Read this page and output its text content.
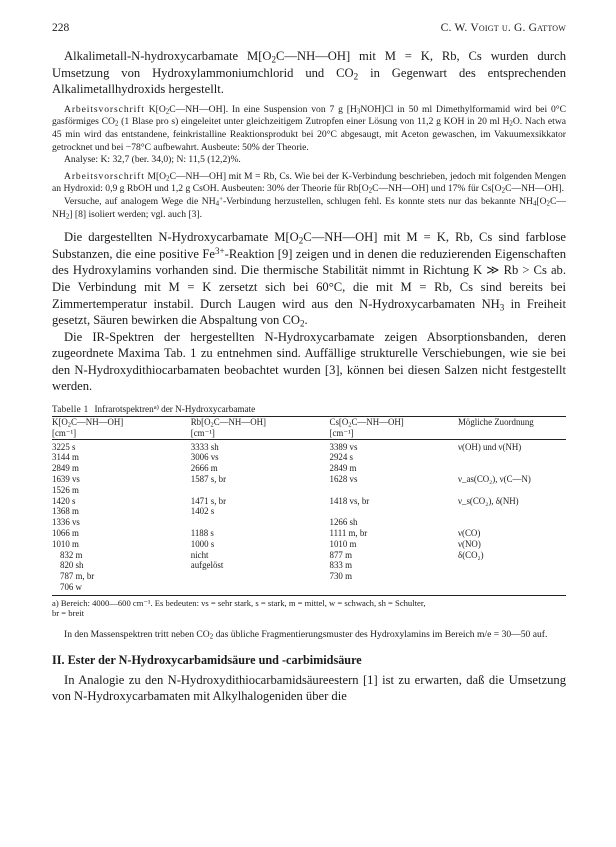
228	C. W. Voigt u. G. Gattow

Alkalimetall-N-hydroxycarbamate $M[O_2C—NH—OH]$ mit M = K, Rb, Cs wurden durch Umsetzung von Hydroxylammoniumchlorid und $CO_2$ in Gegenwart des entsprechenden Alkalimetallhydroxids hergestellt.

Arbeitsvorschrift $K[O_2C—NH—OH]$. In eine Suspension von 7 g $[H_3NOH]Cl$ in 50 ml Dimethylformamid wird bei 0°C gasförmiges $CO_2$ (1 Blase pro s) eingeleitet unter gleichzeitigem Zutropfen einer Lösung von 11,2 g KOH in 20 ml $H_2O$. Nach etwa 45 min wird das entstandene, feinkristalline Reaktionsprodukt bei 20°C abgesaugt, mit Aceton gewaschen, im Vakuumexsikkator getrocknet und bei −78°C aufbewahrt. Ausbeute: 50% der Theorie.

Analyse: K: 32,7 (ber. 34,0); N: 11,5 (12,2)%.

Arbeitsvorschrift $M[O_2C—NH—OH]$ mit M = Rb, Cs. Wie bei der K-Verbindung beschrieben, jedoch mit folgenden Mengen an Hydroxid: 0,9 g RbOH und 1,2 g CsOH. Ausbeuten: 30% der Theorie für $Rb[O_2C—NH—OH]$ und 17% für $Cs[O_2C—NH—OH]$.

Versuche, auf analogem Wege die $NH_4^+$-Verbindung herzustellen, schlugen fehl. Es konnte stets nur das bekannte $NH_4[O_2C—NH_2]$ [8] isoliert werden; vgl. auch [3].

Die dargestellten N-Hydroxycarbamate $M[O_2C—NH—OH]$ mit M = K, Rb, Cs sind farblose Substanzen, die eine positive $Fe^{3+}$-Reaktion [9] zeigen und in denen die reduzierenden Eigenschaften des Hydroxylamins vorhanden sind. Die thermische Stabilität nimmt in Richtung K ≫ Rb > Cs ab. Die Verbindung mit M = K zersetzt sich bei 60°C, die mit M = Rb, Cs sind bereits bei Zimmertemperatur instabil. Durch Laugen wird aus den N-Hydroxycarbamaten $NH_3$ in Freiheit gesetzt, Säuren bewirken die Abspaltung von $CO_2$.

Die IR-Spektren der hergestellten N-Hydroxycarbamate zeigen Absorptionsbanden, deren zugeordnete Maxima Tab. 1 zu entnehmen sind. Auffällige strukturelle Verschiebungen, wie sie bei den N-Hydroxydithiocarbamaten beobachtet wurden [3], können bei diesen Salzen nicht festgestellt werden.

Tabelle 1 Infrarotspektren$^{a)}$ der N-Hydroxycarbamate
$K[O_2C—NH—OH]$	$Rb[O_2C—NH—OH]$	$Cs[O_2C—NH—OH]$	Mögliche Zuordnung
[cm⁻¹]	[cm⁻¹]	[cm⁻¹]	
3225 s	3333 sh	3389 vs	ν(OH) und ν(NH)
3144 m	3006 vs	2924 s	
2849 m	2666 m	2849 m	
1639 vs	1587 s, br	1628 vs	ν_as(CO₂), ν(C—N)
1526 m			
1420 s	1471 s, br	1418 vs, br	ν_s(CO₂), δ(NH)
1368 m	1402 s		
1336 vs		1266 sh	
1066 m	1188 s	1111 m, br	ν(CO)
1010 m	1000 s	1010 m	ν(NO)
832 m	nicht	877 m	δ(CO₂)
820 sh	aufgelöst	833 m	
787 m, br		730 m	
706 w			
a) Bereich: 4000—600 cm⁻¹. Es bedeuten: vs = sehr stark, s = stark, m = mittel, w = schwach, sh = Schulter,
br = breit

In den Massenspektren tritt neben $CO_2$ das übliche Fragmentierungsmuster des Hydroxylamins im Bereich m/e = 30—50 auf.

II. Ester der N-Hydroxycarbamidsäure und -carbimidsäure

In Analogie zu den N-Hydroxydithiocarbamidsäureestern [1] ist zu erwarten, daß die Umsetzung von N-Hydroxycarbamaten mit Alkylhalogeniden über die
